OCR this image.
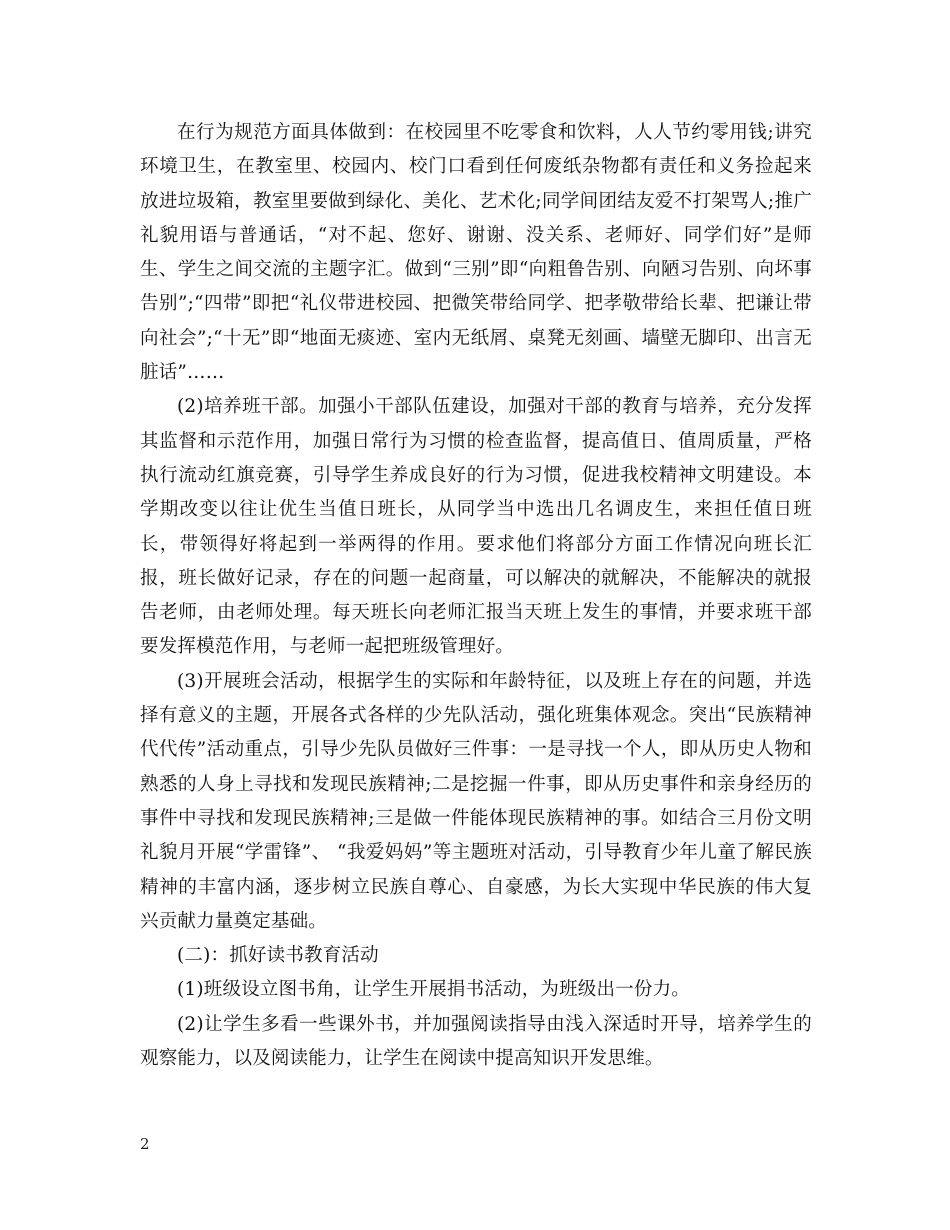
在行为规范方面具体做到：在校园里不吃零食和饮料，人人节约零用钱;讲究环境卫生，在教室里、校园内、校门口看到任何废纸杂物都有责任和义务捡起来放进垃圾箱，教室里要做到绿化、美化、艺术化;同学间团结友爱不打架骂人;推广礼貌用语与普通话，“对不起、您好、谢谢、没关系、老师好、同学们好”是师生、学生之间交流的主题字汇。做到“三别”即“向粗鲁告别、向陋习告别、向坏事告别”;“四带”即把“礼仪带进校园、把微笑带给同学、把孝敬带给长辈、把谦让带向社会”;“十无”即“地面无痰迹、室内无纸屑、桌凳无刻画、墙壁无脚印、出言无脏话”……

(2)培养班干部。加强小干部队伍建设，加强对干部的教育与培养，充分发挥其监督和示范作用，加强日常行为习惯的检查监督，提高值日、值周质量，严格执行流动红旗竞赛，引导学生养成良好的行为习惯，促进我校精神文明建设。本学期改变以往让优生当值日班长，从同学当中选出几名调皮生，来担任值日班长，带领得好将起到一举两得的作用。要求他们将部分方面工作情况向班长汇报，班长做好记录，存在的问题一起商量，可以解决的就解决，不能解决的就报告老师，由老师处理。每天班长向老师汇报当天班上发生的事情，并要求班干部要发挥模范作用，与老师一起把班级管理好。

(3)开展班会活动，根据学生的实际和年龄特征，以及班上存在的问题，并选择有意义的主题，开展各式各样的少先队活动，强化班集体观念。突出“民族精神代代传”活动重点，引导少先队员做好三件事：一是寻找一个人，即从历史人物和熟悉的人身上寻找和发现民族精神;二是挖掘一件事，即从历史事件和亲身经历的事件中寻找和发现民族精神;三是做一件能体现民族精神的事。如结合三月份文明礼貌月开展“学雷锋”、 “我爱妈妈”等主题班对活动，引导教育少年儿童了解民族精神的丰富内涵，逐步树立民族自尊心、自豪感，为长大实现中华民族的伟大复兴贡献力量奠定基础。

(二)：抓好读书教育活动

(1)班级设立图书角，让学生开展捐书活动，为班级出一份力。

(2)让学生多看一些课外书，并加强阅读指导由浅入深适时开导，培养学生的观察能力，以及阅读能力，让学生在阅读中提高知识开发思维。

2
